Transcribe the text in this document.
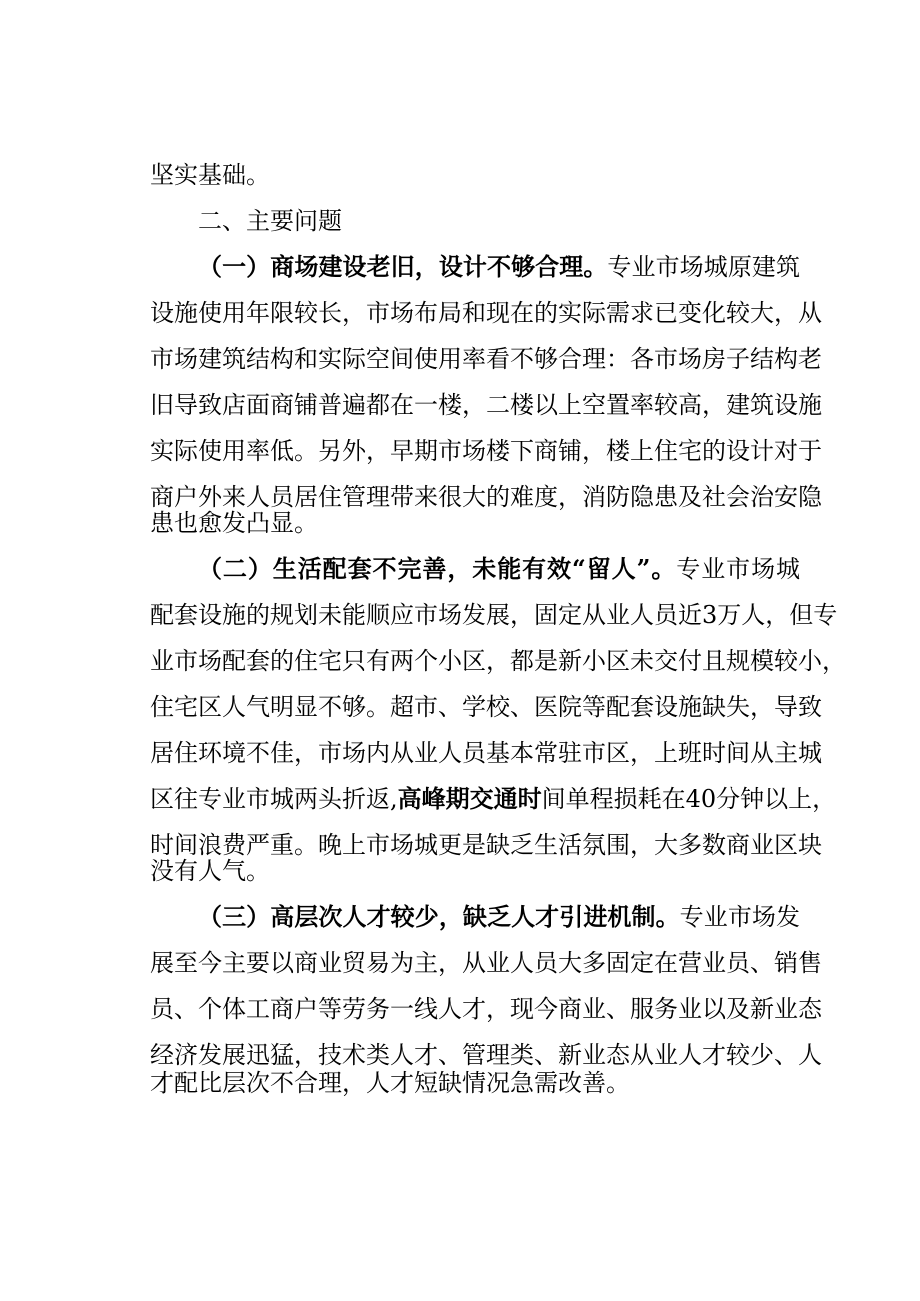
坚实基础。
二、主要问题
（一）商场建设老旧，设计不够合理。专业市场城原建筑
设施使用年限较长，市场布局和现在的实际需求已变化较大，从
市场建筑结构和实际空间使用率看不够合理：各市场房子结构老
旧导致店面商铺普遍都在一楼，二楼以上空置率较高，建筑设施
实际使用率低。另外，早期市场楼下商铺，楼上住宅的设计对于
商户外来人员居住管理带来很大的难度，消防隐患及社会治安隐
患也愈发凸显。
（二）生活配套不完善，未能有效“留人”。专业市场城
配套设施的规划未能顺应市场发展，固定从业人员近3万人，但专
业市场配套的住宅只有两个小区，都是新小区未交付且规模较小，
住宅区人气明显不够。超市、学校、医院等配套设施缺失，导致
居住环境不佳，市场内从业人员基本常驻市区，上班时间从主城
区往专业市城两头折返,高峰期交通时间单程损耗在40分钟以上，
时间浪费严重。晚上市场城更是缺乏生活氛围，大多数商业区块
没有人气。
（三）高层次人才较少，缺乏人才引进机制。专业市场发
展至今主要以商业贸易为主，从业人员大多固定在营业员、销售
员、个体工商户等劳务一线人才，现今商业、服务业以及新业态
经济发展迅猛，技术类人才、管理类、新业态从业人才较少、人
才配比层次不合理，人才短缺情况急需改善。
